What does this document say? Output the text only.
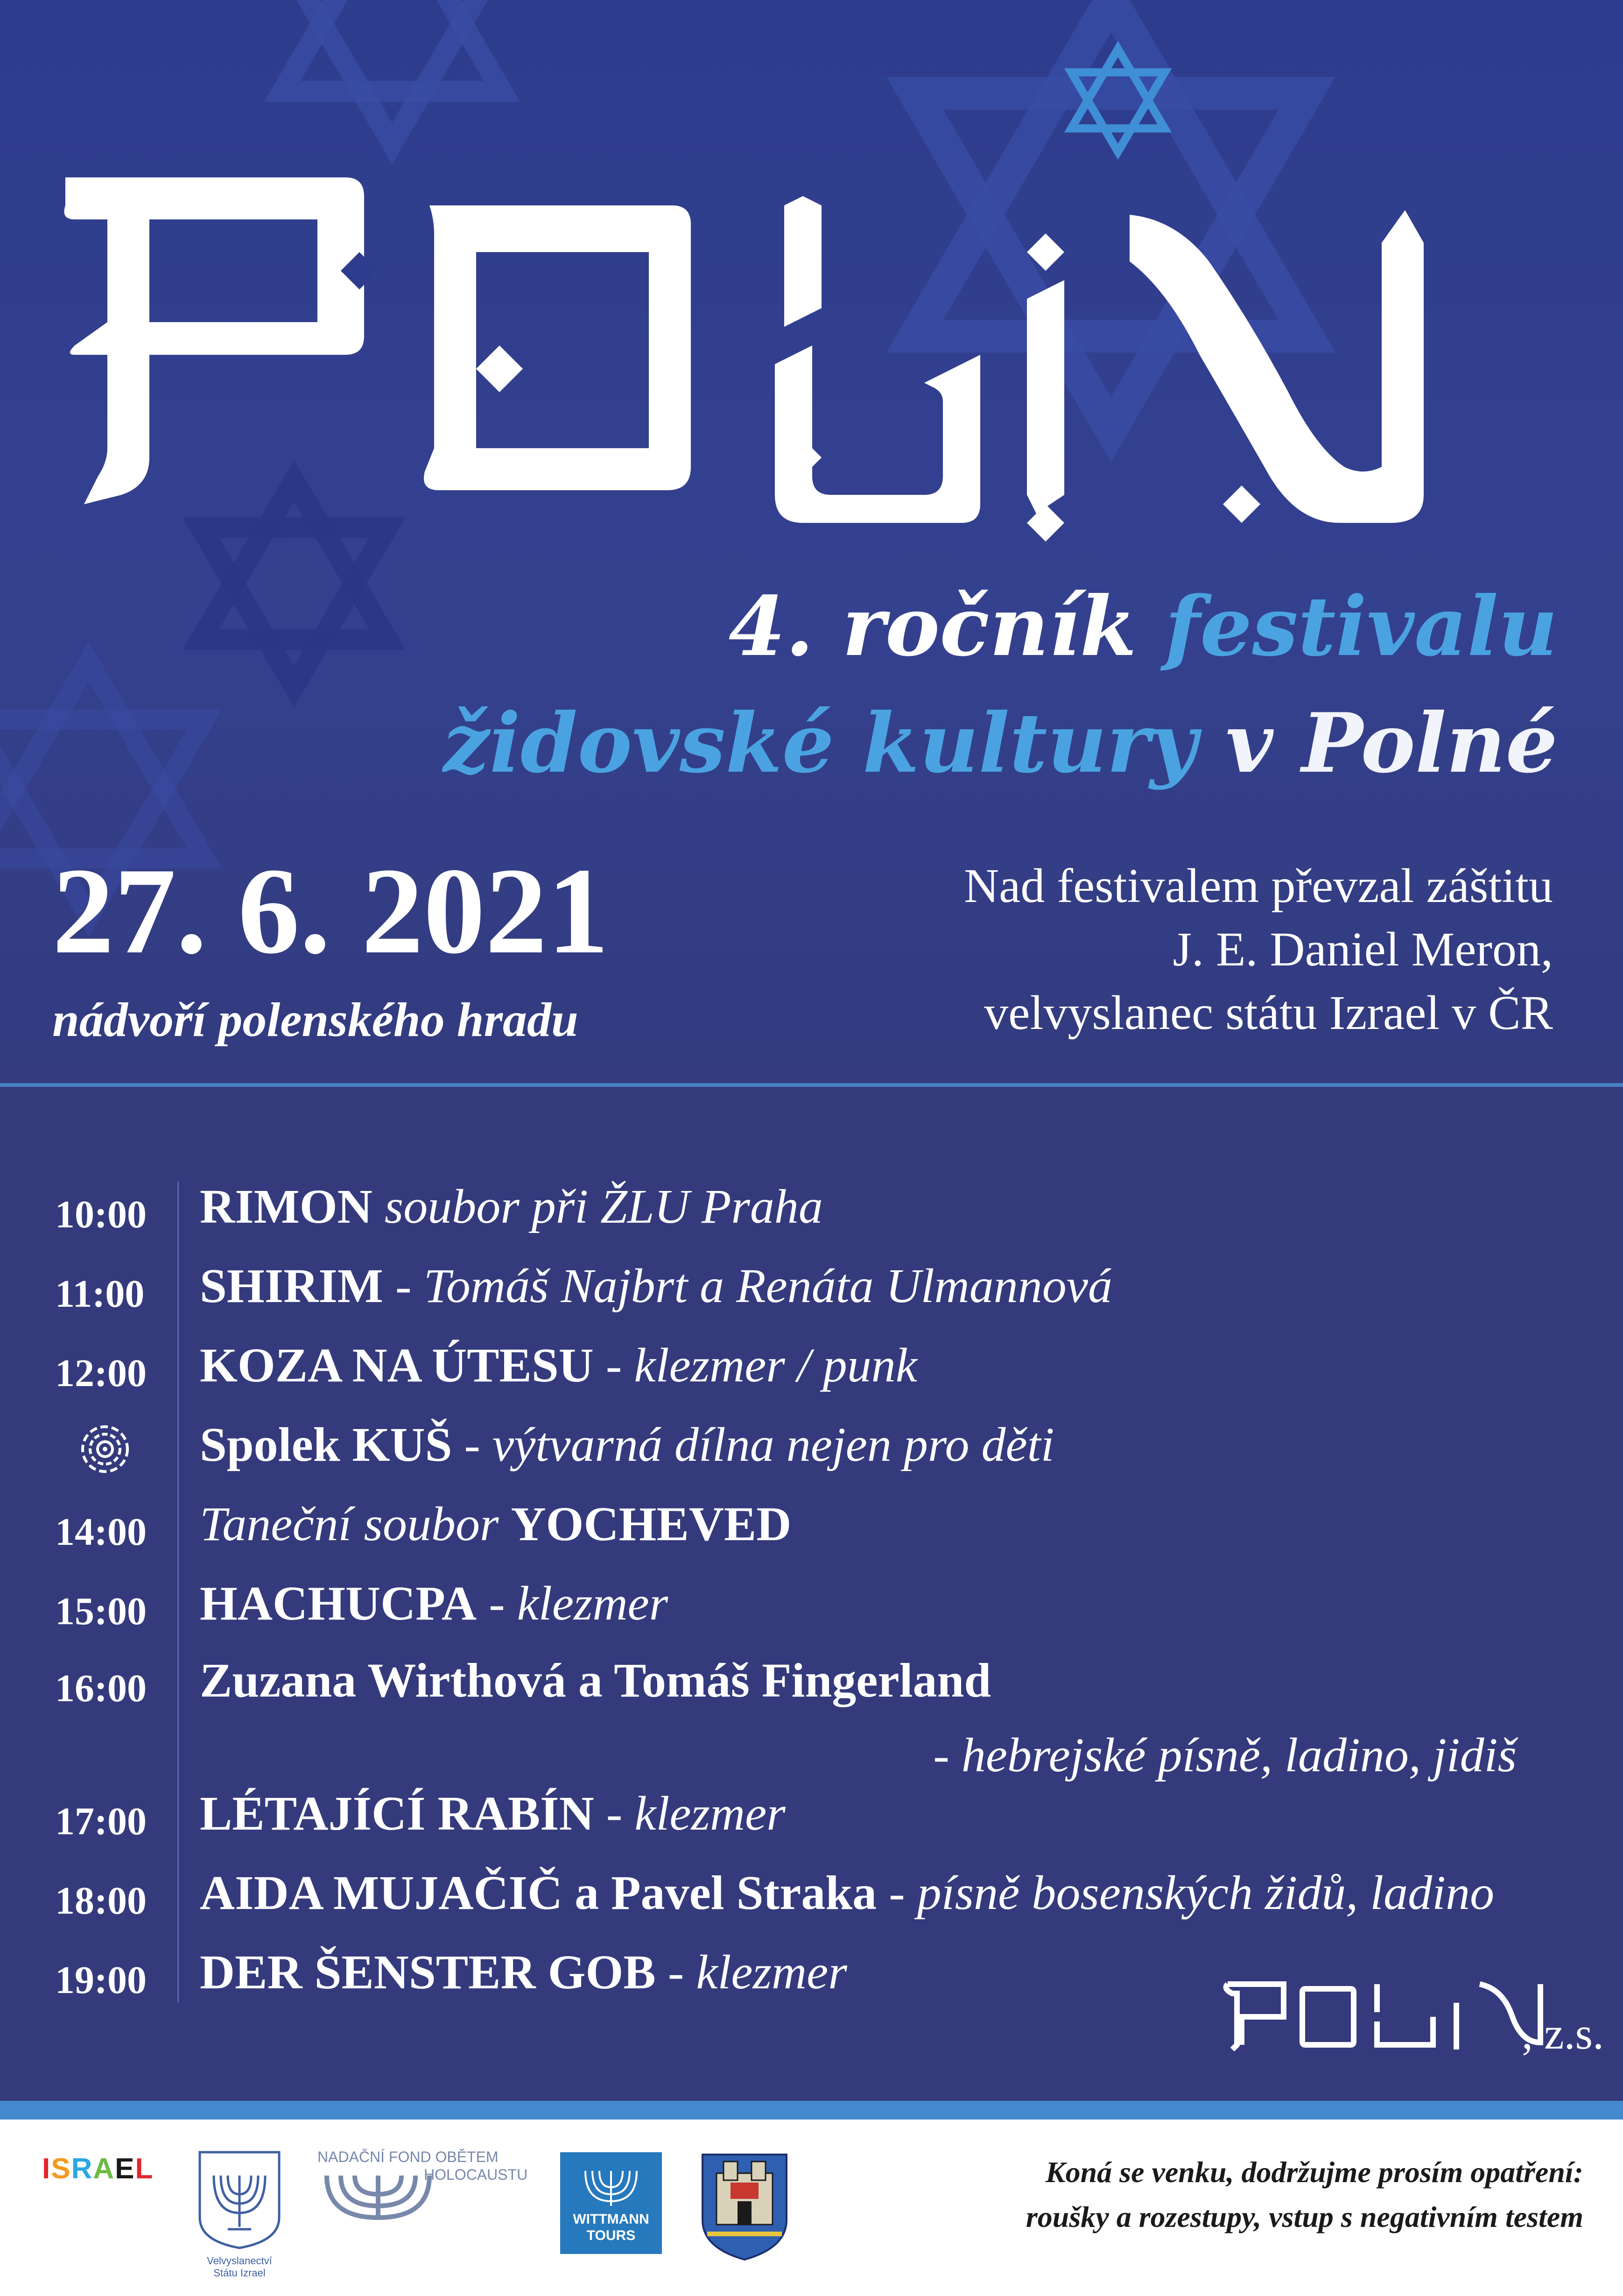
4. ročník festivalu
židovské kultury v Polné
27. 6. 2021
nádvoří polenského hradu
Nad festivalem převzal záštitu
J. E. Daniel Meron,
velvyslanec státu Izrael v ČR
10:00 RIMON soubor při ŽLU Praha
11:00 SHIRIM - Tomáš Najbrt a Renáta Ulmannová
12:00 KOZA NA ÚTESU - klezmer / punk
Spolek KUŠ - výtvarná dílna nejen pro děti
14:00 Taneční soubor YOCHEVED
15:00 HACHUCPA - klezmer
16:00 Zuzana Wirthová a Tomáš Fingerland
- hebrejské písně, ladino, jidiš
17:00 LÉTAJÍCÍ RABÍN - klezmer
18:00 AIDA MUJAČIČ a Pavel Straka - písně bosenských židů, ladino
19:00 DER ŠENSTER GOB - klezmer
, z.s.
ISRAEL
Velvyslanectví Státu Izrael
NADAČNÍ FOND OBĚTEM
HOLOCAUSTU
WITTMANN
TOURS
Koná se venku, dodržujme prosím opatření:
roušky a rozestupy, vstup s negativním testem
